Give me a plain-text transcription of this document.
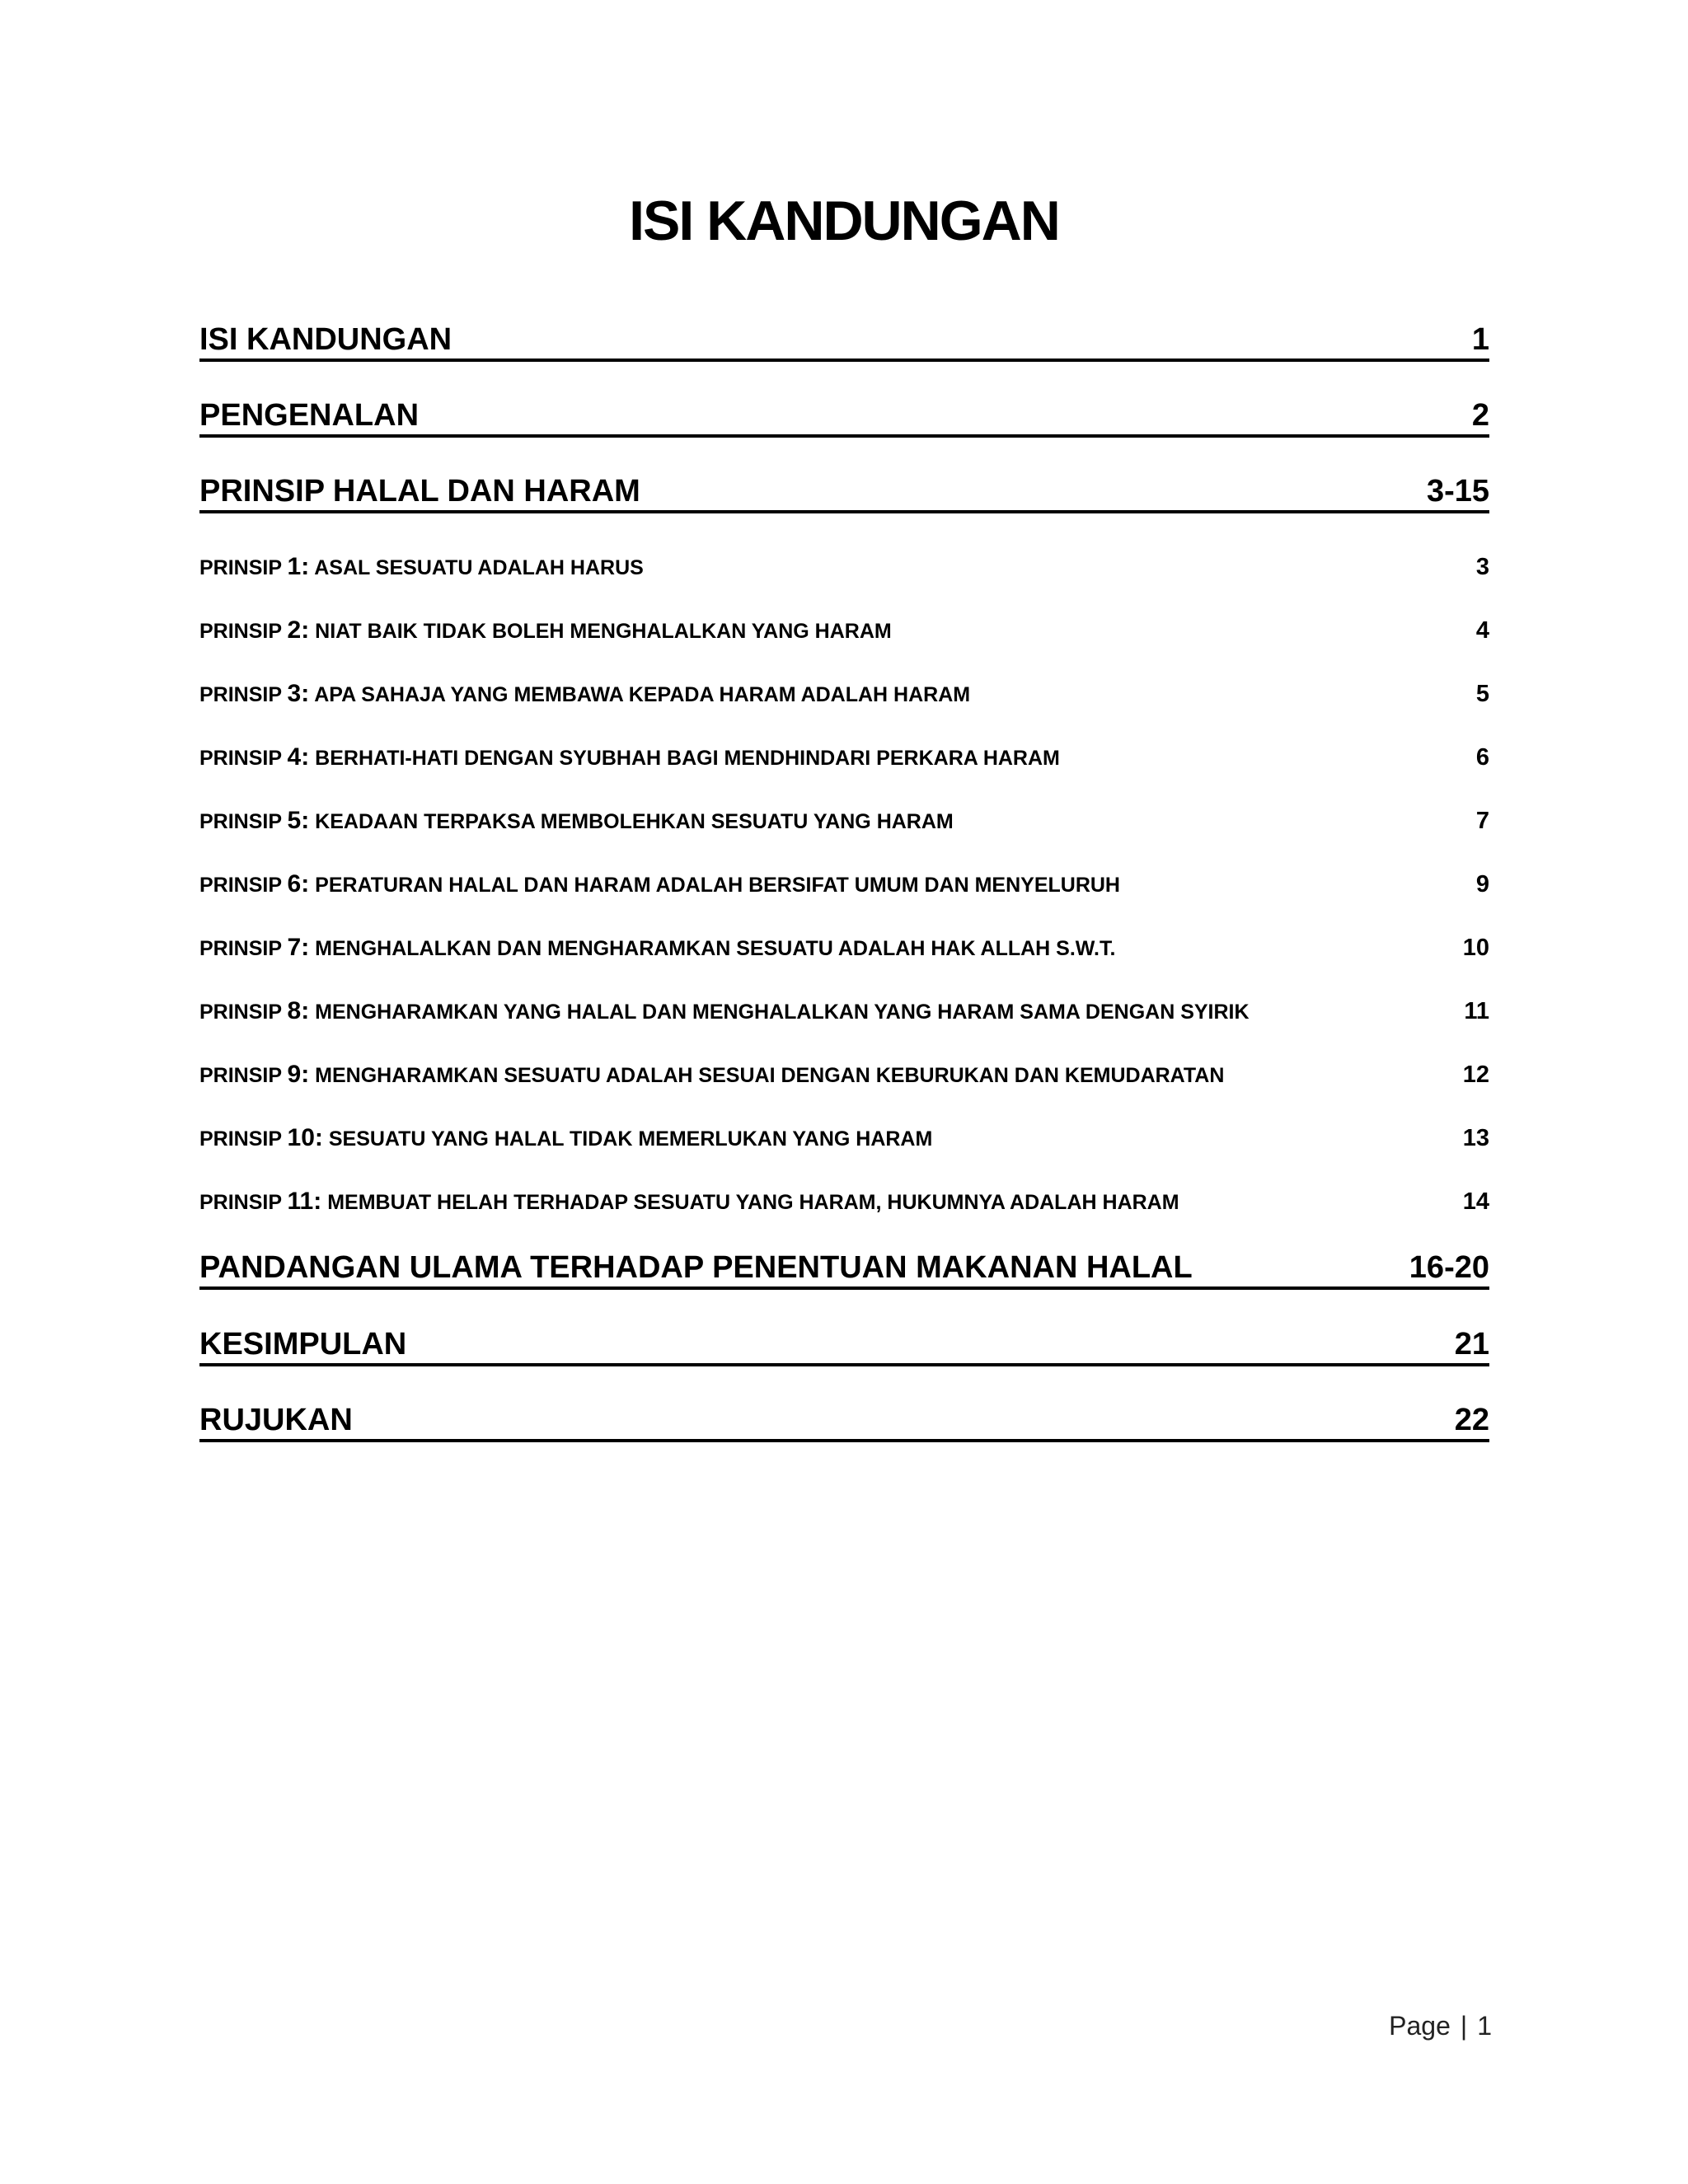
ISI KANDUNGAN
ISI KANDUNGAN	1
PENGENALAN	2
PRINSIP HALAL DAN HARAM	3-15
PRINSIP 1: ASAL SESUATU ADALAH HARUS	3
PRINSIP 2: NIAT BAIK TIDAK BOLEH MENGHALALKAN YANG HARAM	4
PRINSIP 3: APA SAHAJA YANG MEMBAWA KEPADA HARAM ADALAH HARAM	5
PRINSIP 4: BERHATI-HATI DENGAN SYUBHAH BAGI MENDHINDARI PERKARA HARAM	6
PRINSIP 5: KEADAAN TERPAKSA MEMBOLEHKAN SESUATU YANG HARAM	7
PRINSIP 6: PERATURAN HALAL DAN HARAM ADALAH BERSIFAT UMUM DAN MENYELURUH	9
PRINSIP 7: MENGHALALKAN DAN MENGHARAMKAN SESUATU ADALAH HAK ALLAH S.W.T.	10
PRINSIP 8: MENGHARAMKAN YANG HALAL DAN MENGHALALKAN YANG HARAM SAMA DENGAN SYIRIK	11
PRINSIP 9: MENGHARAMKAN SESUATU ADALAH SESUAI DENGAN KEBURUKAN DAN KEMUDARATAN	12
PRINSIP 10: SESUATU YANG HALAL TIDAK MEMERLUKAN YANG HARAM	13
PRINSIP 11: MEMBUAT HELAH TERHADAP SESUATU YANG HARAM, HUKUMNYA ADALAH HARAM	14
PANDANGAN ULAMA TERHADAP PENENTUAN MAKANAN HALAL	16-20
KESIMPULAN	21
RUJUKAN	22
Page | 1
